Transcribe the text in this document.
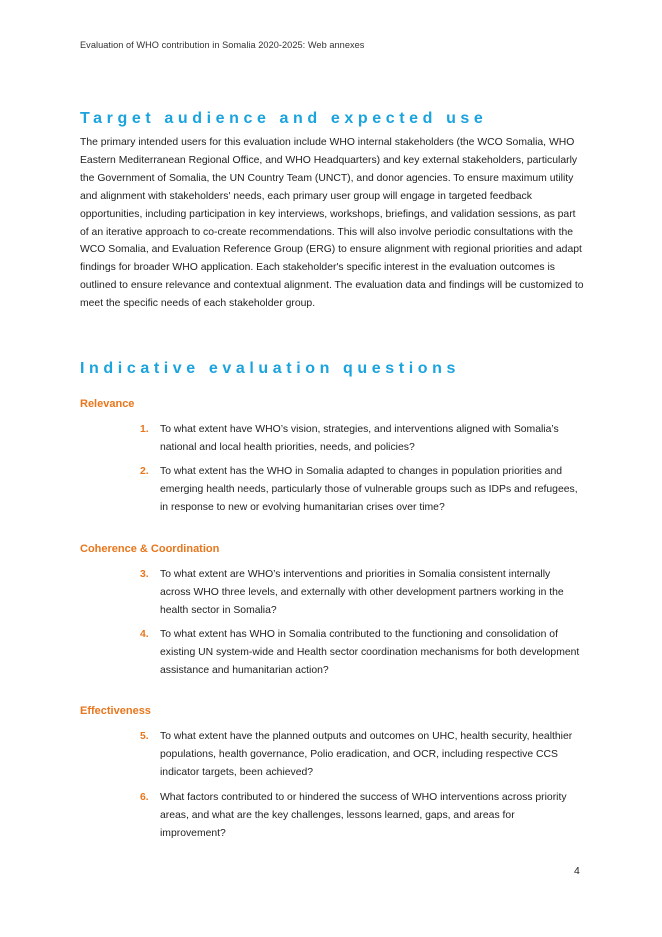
Evaluation of WHO contribution in Somalia 2020-2025: Web annexes
Target audience and expected use

The primary intended users for this evaluation include WHO internal stakeholders (the WCO Somalia, WHO Eastern Mediterranean Regional Office, and WHO Headquarters) and key external stakeholders, particularly the Government of Somalia, the UN Country Team (UNCT), and donor agencies. To ensure maximum utility and alignment with stakeholders' needs, each primary user group will engage in targeted feedback opportunities, including participation in key interviews, workshops, briefings, and validation sessions, as part of an iterative approach to co-create recommendations. This will also involve periodic consultations with the WCO Somalia, and Evaluation Reference Group (ERG) to ensure alignment with regional priorities and adapt findings for broader WHO application. Each stakeholder's specific interest in the evaluation outcomes is outlined to ensure relevance and contextual alignment. The evaluation data and findings will be customized to meet the specific needs of each stakeholder group.

Indicative evaluation questions
Relevance
1. To what extent have WHO’s vision, strategies, and interventions aligned with Somalia’s national and local health priorities, needs, and policies?
2. To what extent has the WHO in Somalia adapted to changes in population priorities and emerging health needs, particularly those of vulnerable groups such as IDPs and refugees, in response to new or evolving humanitarian crises over time?
Coherence & Coordination
3. To what extent are WHO’s interventions and priorities in Somalia consistent internally across WHO three levels, and externally with other development partners working in the health sector in Somalia?
4. To what extent has WHO in Somalia contributed to the functioning and consolidation of existing UN system-wide and Health sector coordination mechanisms for both development assistance and humanitarian action?
Effectiveness
5. To what extent have the planned outputs and outcomes on UHC, health security, healthier populations, health governance, Polio eradication, and OCR, including respective CCS indicator targets, been achieved?
6. What factors contributed to or hindered the success of WHO interventions across priority areas, and what are the key challenges, lessons learned, gaps, and areas for improvement?
4
